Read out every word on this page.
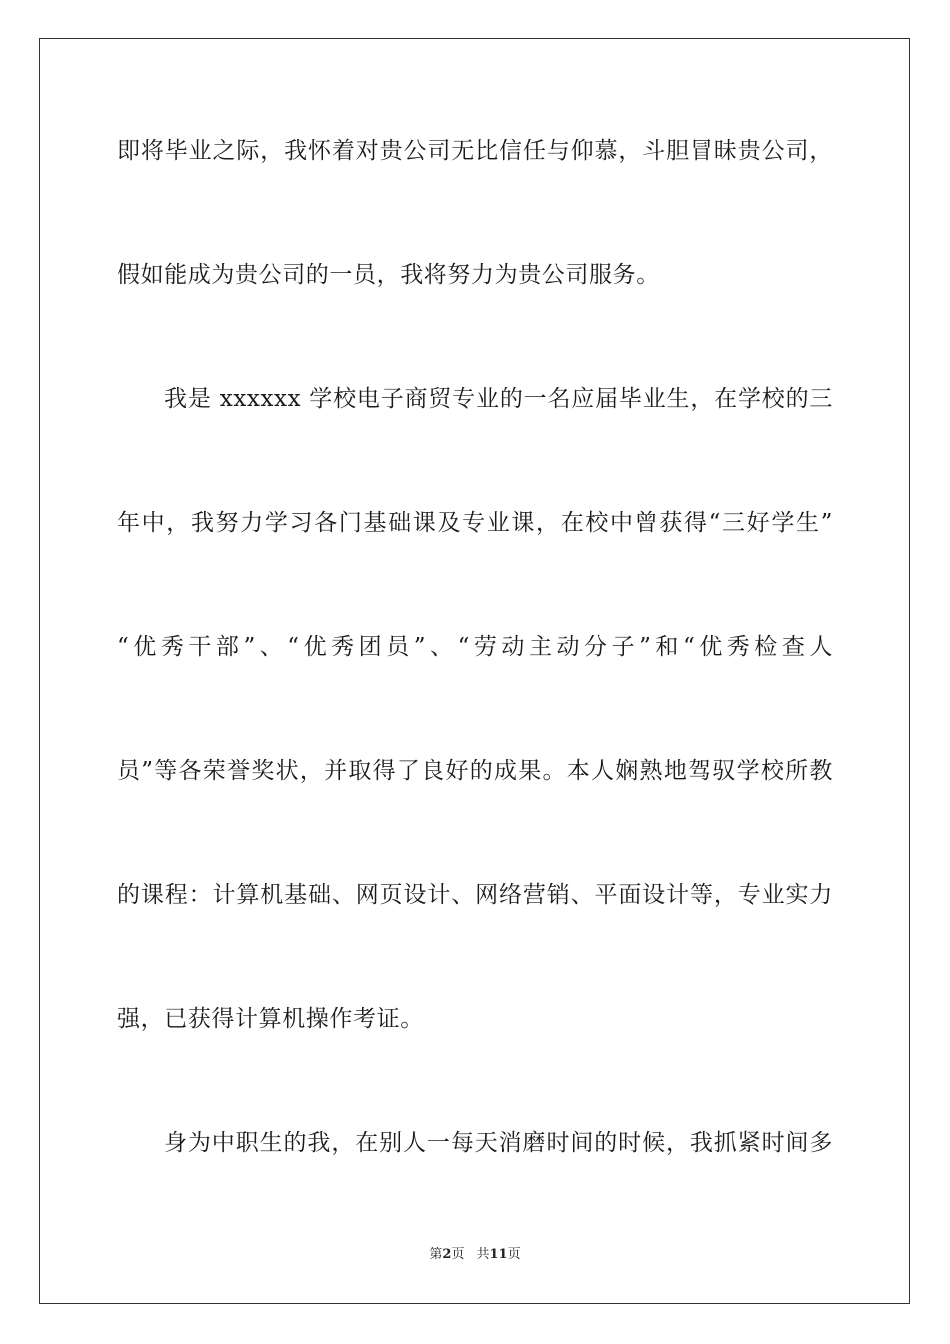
即将毕业之际，我怀着对贵公司无比信任与仰慕，斗胆冒昧贵公司，
假如能成为贵公司的一员，我将努力为贵公司服务。
我是 xxxxxx 学校电子商贸专业的一名应届毕业生，在学校的三
年中，我努力学习各门基础课及专业课，在校中曾获得“三好学生”
“优秀干部”、“优秀团员”、“劳动主动分子”和“优秀检查人
员”等各荣誉奖状，并取得了良好的成果。本人娴熟地驾驭学校所教
的课程：计算机基础、网页设计、网络营销、平面设计等，专业实力
强，已获得计算机操作考证。
身为中职生的我，在别人一每天消磨时间的时候，我抓紧时间多
第2页 共11页
